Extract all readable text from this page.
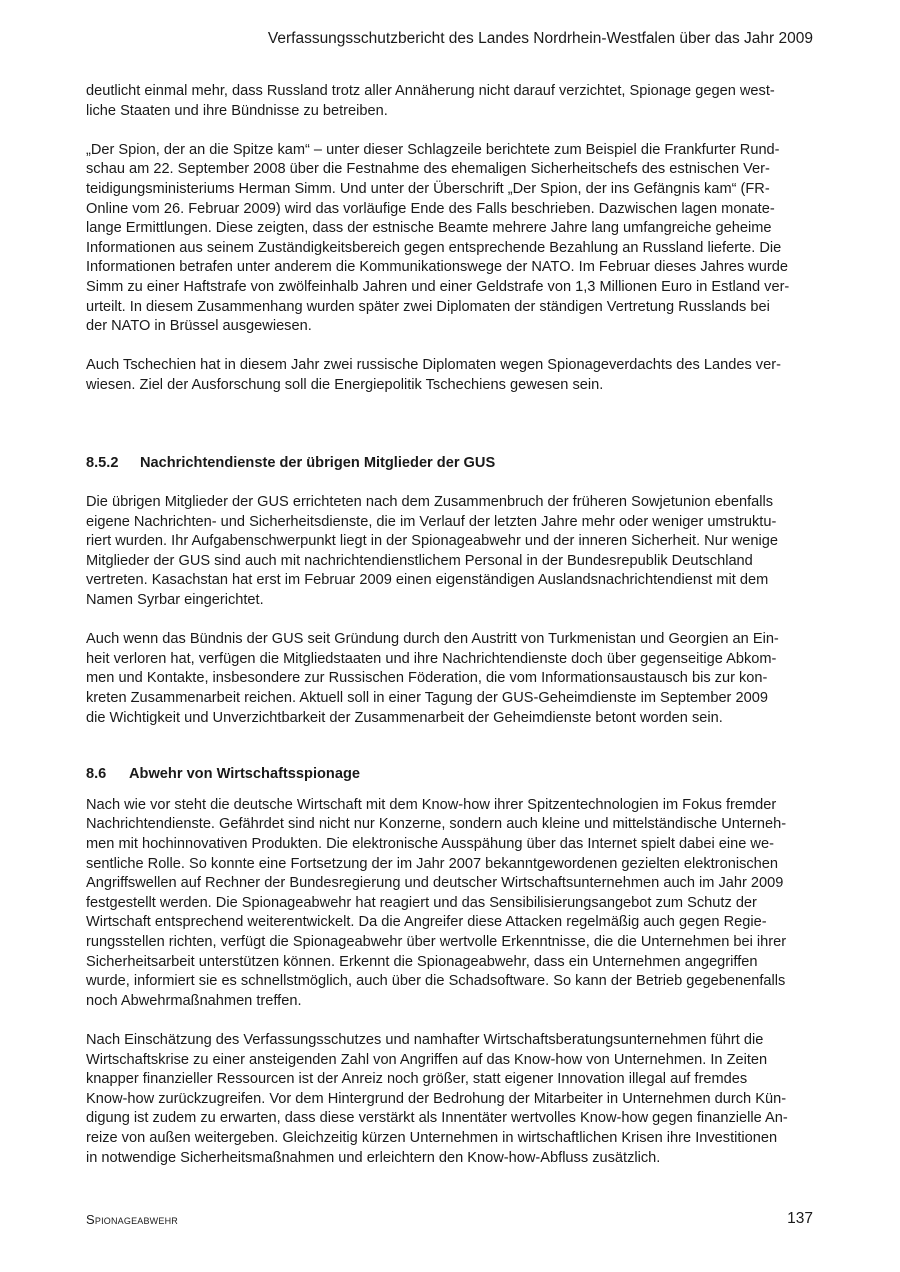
Verfassungsschutzbericht des Landes Nordrhein-Westfalen über das Jahr 2009
deutlicht einmal mehr, dass Russland trotz aller Annäherung nicht darauf verzichtet, Spionage gegen west-
liche Staaten und ihre Bündnisse zu betreiben.
„Der Spion, der an die Spitze kam“ – unter dieser Schlagzeile berichtete zum Beispiel die Frankfurter Rund-
schau am 22. September 2008 über die Festnahme des ehemaligen Sicherheitschefs des estnischen Ver-
teidigungsministeriums Herman Simm. Und unter der Überschrift „Der Spion, der ins Gefängnis kam“ (FR-
Online vom 26. Februar 2009) wird das vorläufige Ende des Falls beschrieben. Dazwischen lagen monate-
lange Ermittlungen. Diese zeigten, dass der estnische Beamte mehrere Jahre lang umfangreiche geheime
Informationen aus seinem Zuständigkeitsbereich gegen entsprechende Bezahlung an Russland lieferte. Die
Informationen betrafen unter anderem die Kommunikationswege der NATO. Im Februar dieses Jahres wurde
Simm zu einer Haftstrafe von zwölfeinhalb Jahren und einer Geldstrafe von 1,3 Millionen Euro in Estland ver-
urteilt. In diesem Zusammenhang wurden später zwei Diplomaten der ständigen Vertretung Russlands bei
der NATO in Brüssel ausgewiesen.
Auch Tschechien hat in diesem Jahr zwei russische Diplomaten wegen Spionageverdachts des Landes ver-
wiesen. Ziel der Ausforschung soll die Energiepolitik Tschechiens gewesen sein.
8.5.2 Nachrichtendienste der übrigen Mitglieder der GUS
Die übrigen Mitglieder der GUS errichteten nach dem Zusammenbruch der früheren Sowjetunion ebenfalls
eigene Nachrichten- und Sicherheitsdienste, die im Verlauf der letzten Jahre mehr oder weniger umstruktu-
riert wurden. Ihr Aufgabenschwerpunkt liegt in der Spionageabwehr und der inneren Sicherheit. Nur wenige
Mitglieder der GUS sind auch mit nachrichtendienstlichem Personal in der Bundesrepublik Deutschland
vertreten. Kasachstan hat erst im Februar 2009 einen eigenständigen Auslandsnachrichtendienst mit dem
Namen Syrbar eingerichtet.
Auch wenn das Bündnis der GUS seit Gründung durch den Austritt von Turkmenistan und Georgien an Ein-
heit verloren hat, verfügen die Mitgliedstaaten und ihre Nachrichtendienste doch über gegenseitige Abkom-
men und Kontakte, insbesondere zur Russischen Föderation, die vom Informationsaustausch bis zur kon-
kreten Zusammenarbeit reichen. Aktuell soll in einer Tagung der GUS-Geheimdienste im September 2009
die Wichtigkeit und Unverzichtbarkeit der Zusammenarbeit der Geheimdienste betont worden sein.
8.6 Abwehr von Wirtschaftsspionage
Nach wie vor steht die deutsche Wirtschaft mit dem Know-how ihrer Spitzentechnologien im Fokus fremder
Nachrichtendienste. Gefährdet sind nicht nur Konzerne, sondern auch kleine und mittelständische Unterneh-
men mit hochinnovativen Produkten. Die elektronische Ausspähung über das Internet spielt dabei eine we-
sentliche Rolle. So konnte eine Fortsetzung der im Jahr 2007 bekanntgewordenen gezielten elektronischen
Angriffswellen auf Rechner der Bundesregierung und deutscher Wirtschaftsunternehmen auch im Jahr 2009
festgestellt werden. Die Spionageabwehr hat reagiert und das Sensibilisierungsangebot zum Schutz der
Wirtschaft entsprechend weiterentwickelt. Da die Angreifer diese Attacken regelmäßig auch gegen Regie-
rungsstellen richten, verfügt die Spionageabwehr über wertvolle Erkenntnisse, die die Unternehmen bei ihrer
Sicherheitsarbeit unterstützen können. Erkennt die Spionageabwehr, dass ein Unternehmen angegriffen
wurde, informiert sie es schnellstmöglich, auch über die Schadsoftware. So kann der Betrieb gegebenenfalls
noch Abwehrmaßnahmen treffen.
Nach Einschätzung des Verfassungsschutzes und namhafter Wirtschaftsberatungsunternehmen führt die
Wirtschaftskrise zu einer ansteigenden Zahl von Angriffen auf das Know-how von Unternehmen. In Zeiten
knapper finanzieller Ressourcen ist der Anreiz noch größer, statt eigener Innovation illegal auf fremdes
Know-how zurückzugreifen. Vor dem Hintergrund der Bedrohung der Mitarbeiter in Unternehmen durch Kün-
digung ist zudem zu erwarten, dass diese verstärkt als Innentäter wertvolles Know-how gegen finanzielle An-
reize von außen weitergeben. Gleichzeitig kürzen Unternehmen in wirtschaftlichen Krisen ihre Investitionen
in notwendige Sicherheitsmaßnahmen und erleichtern den Know-how-Abfluss zusätzlich.
Spionageabwehr	137
